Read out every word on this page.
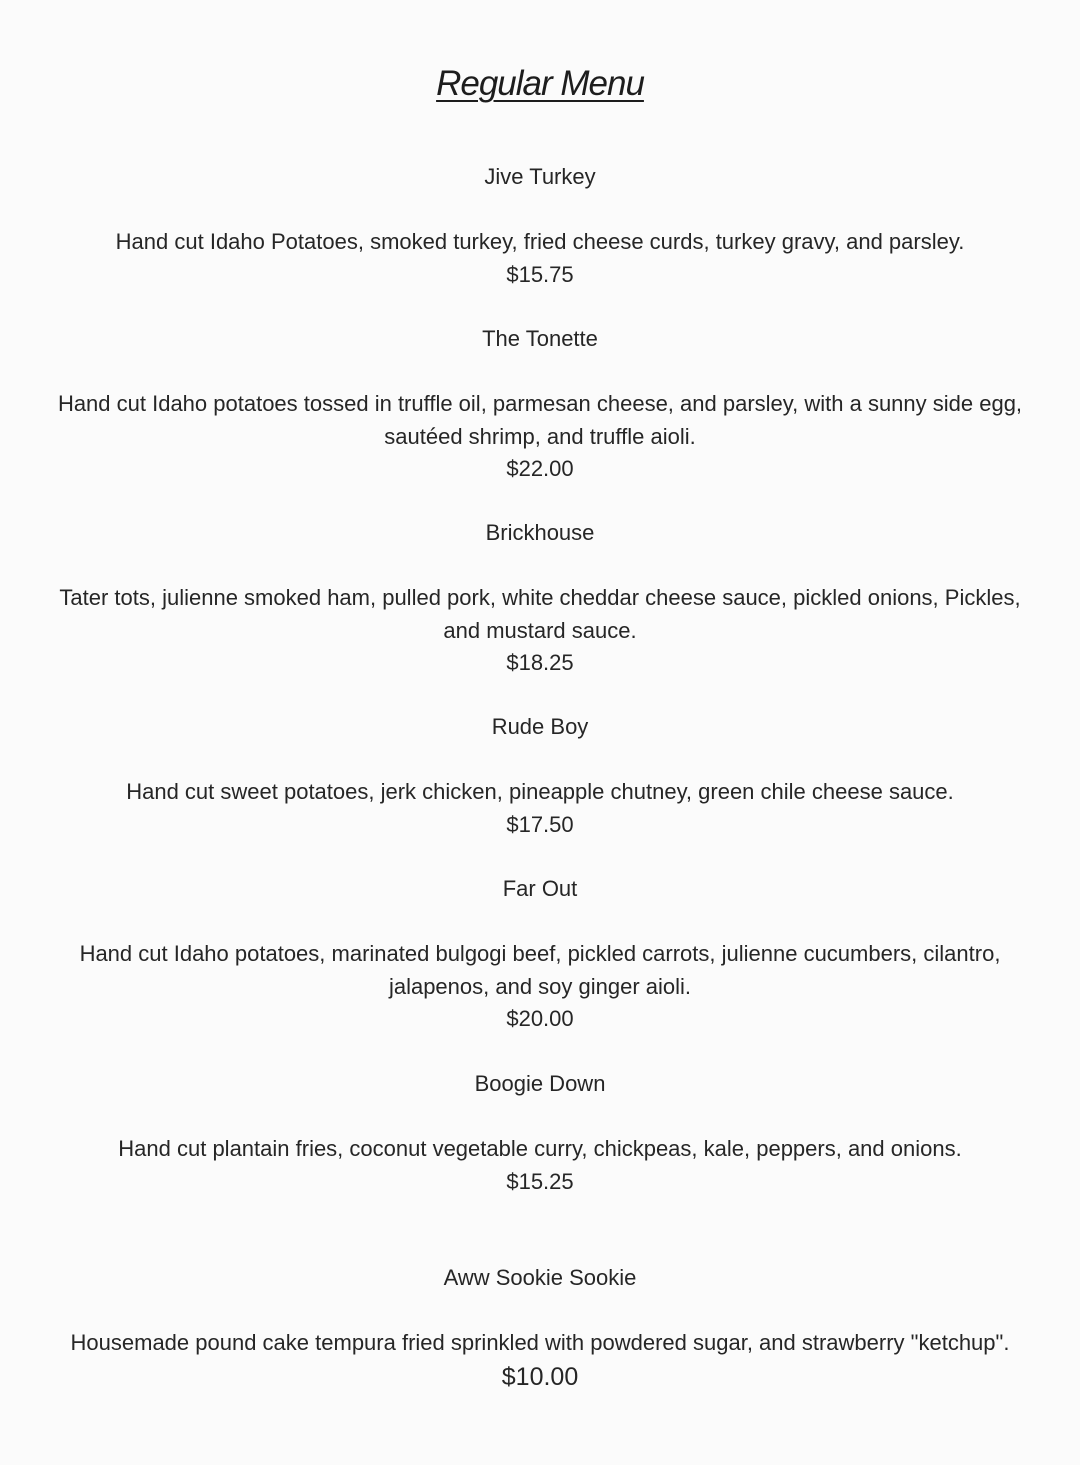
Regular Menu
Jive Turkey
Hand cut Idaho Potatoes, smoked turkey, fried cheese curds, turkey gravy, and parsley.
$15.75
The Tonette
Hand cut Idaho potatoes tossed in truffle oil, parmesan cheese, and parsley, with a sunny side egg, sautéed shrimp, and truffle aioli.
$22.00
Brickhouse
Tater tots, julienne smoked ham, pulled pork, white cheddar cheese sauce, pickled onions, Pickles, and mustard sauce.
$18.25
Rude Boy
Hand cut sweet potatoes, jerk chicken, pineapple chutney, green chile cheese sauce.
$17.50
Far Out
Hand cut Idaho potatoes, marinated bulgogi beef, pickled carrots, julienne cucumbers, cilantro, jalapenos, and soy ginger aioli.
$20.00
Boogie Down
Hand cut plantain fries, coconut vegetable curry, chickpeas, kale, peppers, and onions.
$15.25
Aww Sookie Sookie
Housemade pound cake tempura fried sprinkled with powdered sugar, and strawberry "ketchup".
$10.00
